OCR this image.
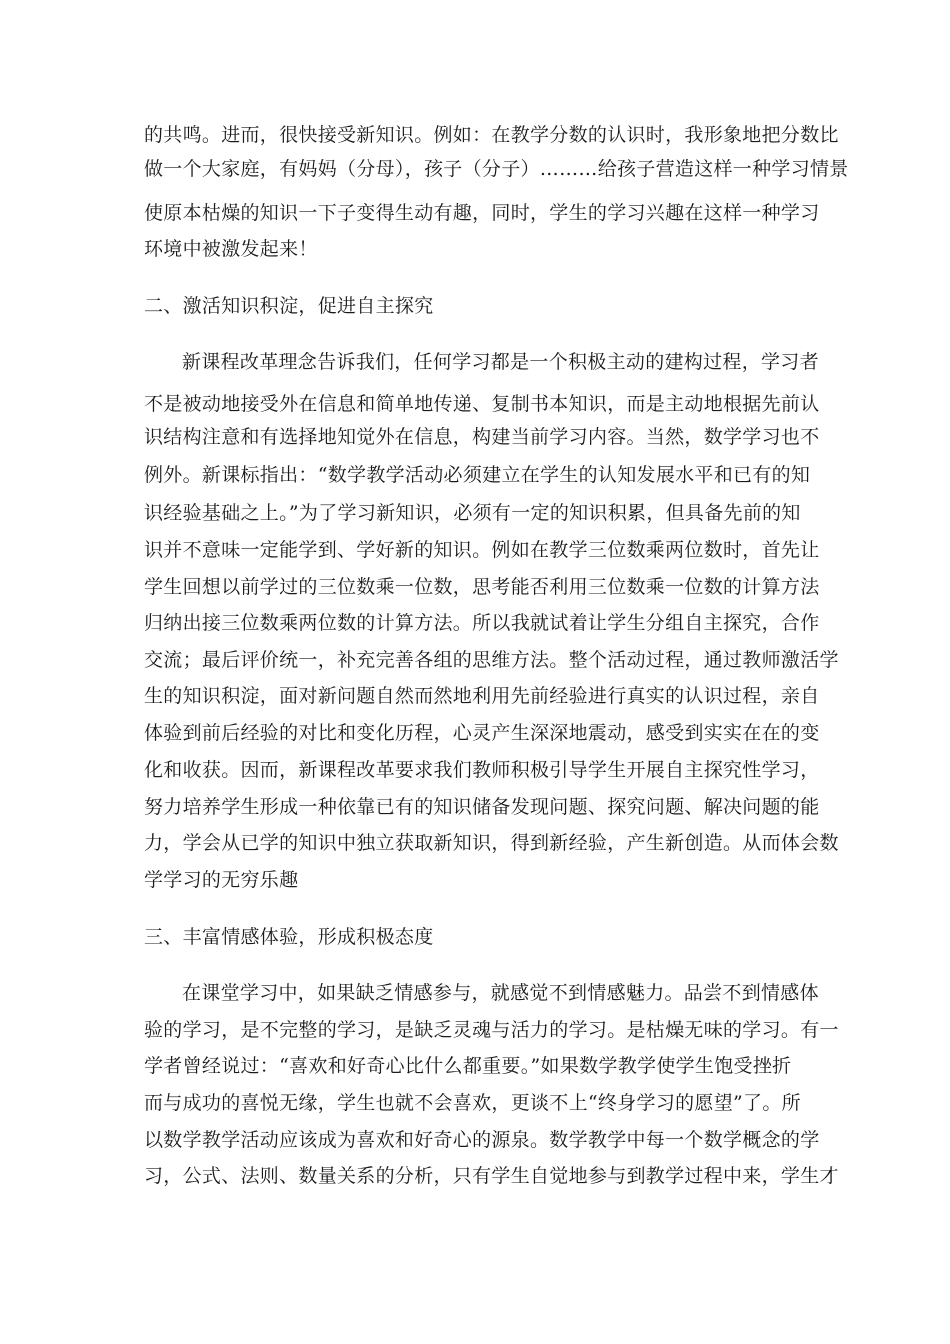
的共鸣。进而，很快接受新知识。例如：在教学分数的认识时，我形象地把分数比
做一个大家庭，有妈妈（分母），孩子（分子）………给孩子营造这样一种学习情景
使原本枯燥的知识一下子变得生动有趣，同时，学生的学习兴趣在这样一种学习
环境中被激发起来！
二、激活知识积淀，促进自主探究
新课程改革理念告诉我们，任何学习都是一个积极主动的建构过程，学习者
不是被动地接受外在信息和简单地传递、复制书本知识，而是主动地根据先前认
识结构注意和有选择地知觉外在信息，构建当前学习内容。当然，数学学习也不
例外。新课标指出：“数学教学活动必须建立在学生的认知发展水平和已有的知
识经验基础之上。”为了学习新知识，必须有一定的知识积累，但具备先前的知
识并不意味一定能学到、学好新的知识。例如在教学三位数乘两位数时，首先让
学生回想以前学过的三位数乘一位数，思考能否利用三位数乘一位数的计算方法
归纳出接三位数乘两位数的计算方法。所以我就试着让学生分组自主探究，合作
交流；最后评价统一，补充完善各组的思维方法。整个活动过程，通过教师激活学
生的知识积淀，面对新问题自然而然地利用先前经验进行真实的认识过程，亲自
体验到前后经验的对比和变化历程，心灵产生深深地震动，感受到实实在在的变
化和收获。因而，新课程改革要求我们教师积极引导学生开展自主探究性学习，
努力培养学生形成一种依靠已有的知识储备发现问题、探究问题、解决问题的能
力，学会从已学的知识中独立获取新知识，得到新经验，产生新创造。从而体会数
学学习的无穷乐趣
三、丰富情感体验，形成积极态度
在课堂学习中，如果缺乏情感参与，就感觉不到情感魅力。品尝不到情感体
验的学习，是不完整的学习，是缺乏灵魂与活力的学习。是枯燥无味的学习。有一
学者曾经说过：“喜欢和好奇心比什么都重要。”如果数学教学使学生饱受挫折
而与成功的喜悦无缘，学生也就不会喜欢，更谈不上“终身学习的愿望”了。所
以数学教学活动应该成为喜欢和好奇心的源泉。数学教学中每一个数学概念的学
习，公式、法则、数量关系的分析，只有学生自觉地参与到教学过程中来，学生才
